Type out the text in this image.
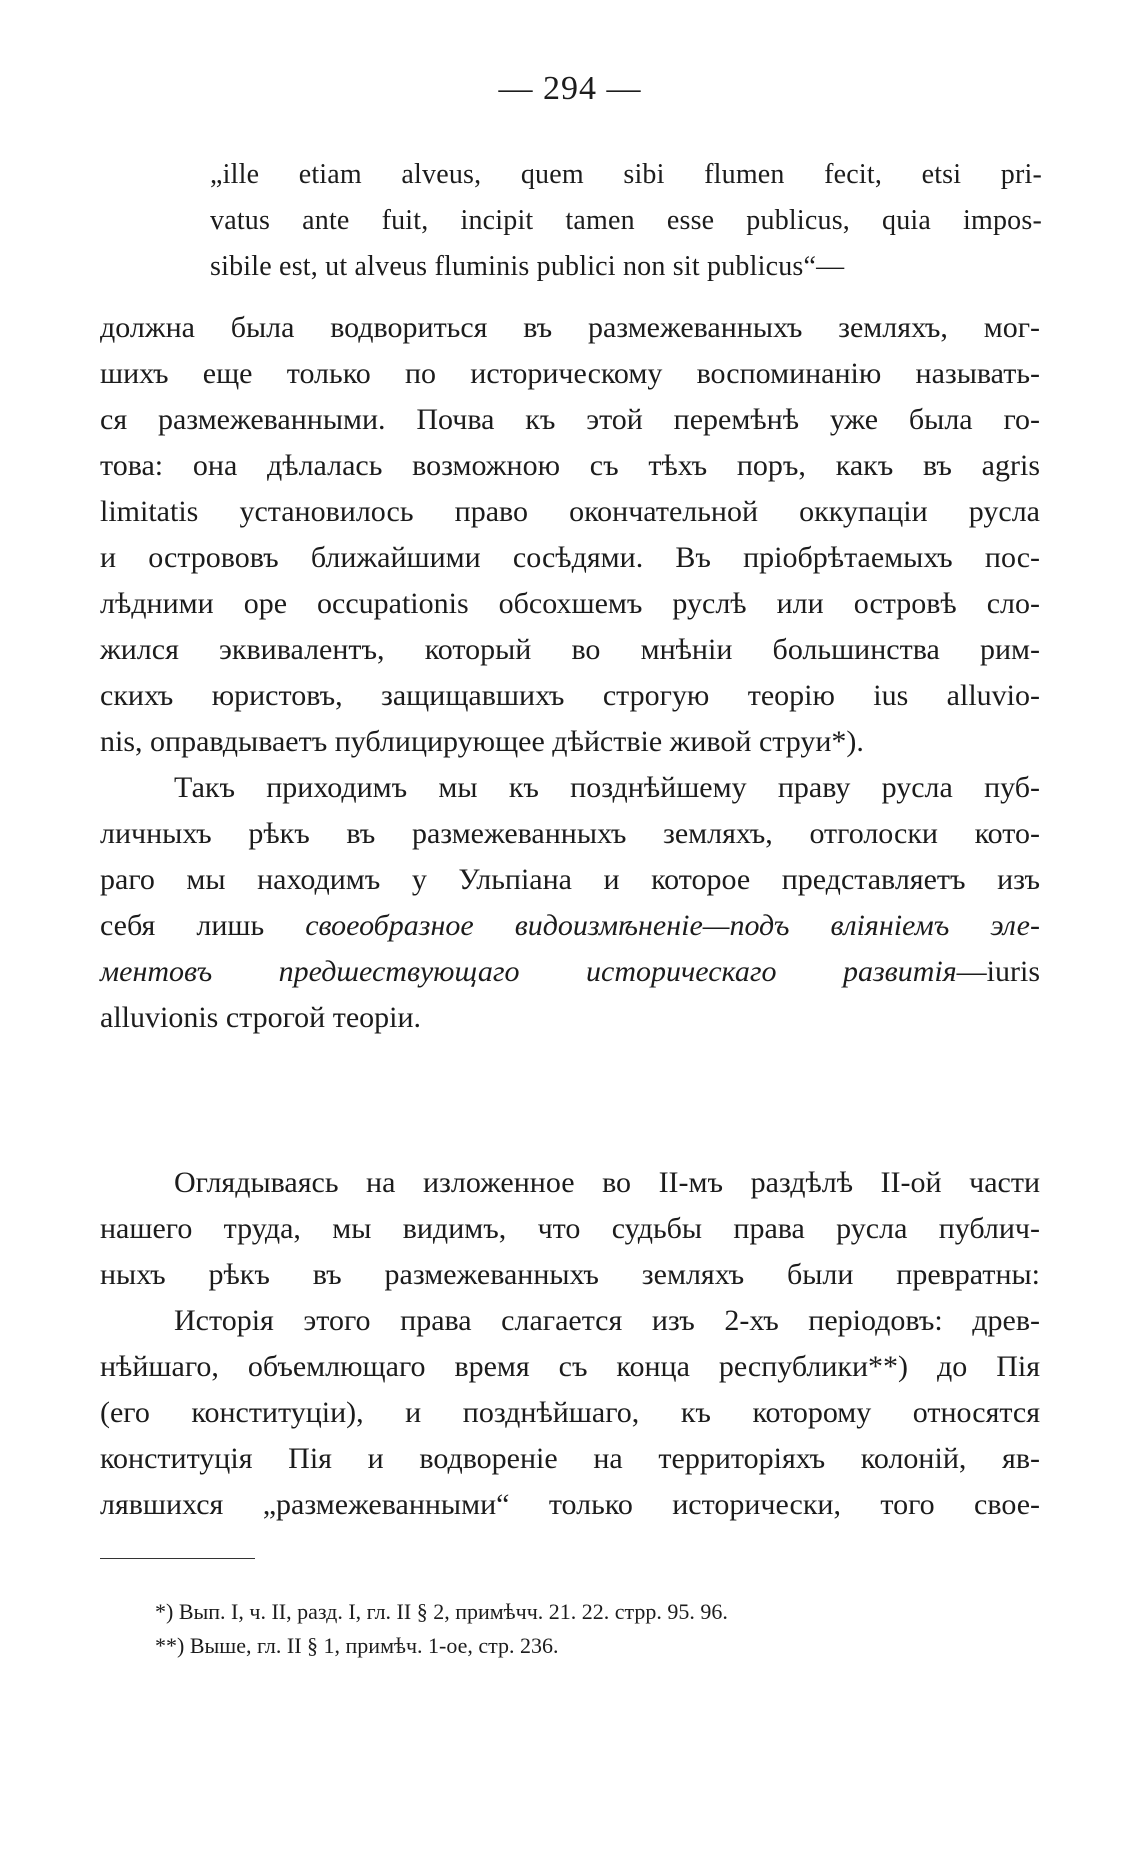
— 294 —
„ille etiam alveus, quem sibi flumen fecit, etsi pri-
vatus ante fuit, incipit tamen esse publicus, quia impos-
sibile est, ut alveus fluminis publici non sit publicus“—
должна была водвориться въ размежеванныхъ земляхъ, мог-
шихъ еще только по историческому воспоминанію называть-
ся размежеванными. Почва къ этой перемѣнѣ уже была го-
това: она дѣлалась возможною съ тѣхъ поръ, какъ въ agris
limitatis установилось право окончательной оккупаціи русла
и острововъ ближайшими сосѣдями. Въ пріобрѣтаемыхъ пос-
лѣдними ope occupationis обсохшемъ руслѣ или островѣ сло-
жился эквивалентъ, который во мнѣніи большинства рим-
скихъ юристовъ, защищавшихъ строгую теорію ius alluvio-
nis, оправдываетъ публицирующее дѣйствіе живой струи*).
Такъ приходимъ мы къ позднѣйшему праву русла пуб-
личныхъ рѣкъ въ размежеванныхъ земляхъ, отголоски кото-
раго мы находимъ у Ульпіана и которое представляетъ изъ
себя лишь своеобразное видоизмѣненіе—подъ вліяніемъ эле-
ментовъ предшествующаго историческаго развитія—iuris
alluvionis строгой теоріи.
Оглядываясь на изложенное во II-мъ раздѣлѣ II-ой части
нашего труда, мы видимъ, что судьбы права русла публич-
ныхъ рѣкъ въ размежеванныхъ земляхъ были превратны:
Исторія этого права слагается изъ 2-хъ періодовъ: древ-
нѣйшаго, объемлющаго время съ конца республики**) до Пія
(его конституціи), и позднѣйшаго, къ которому относятся
конституція Пія и водвореніе на территоріяхъ колоній, яв-
лявшихся „размежеванными“ только исторически, того свое-
*) Вып. I, ч. II, разд. I, гл. II § 2, примѣчч. 21. 22. стрр. 95. 96.
**) Выше, гл. II § 1, примѣч. 1-ое, стр. 236.
